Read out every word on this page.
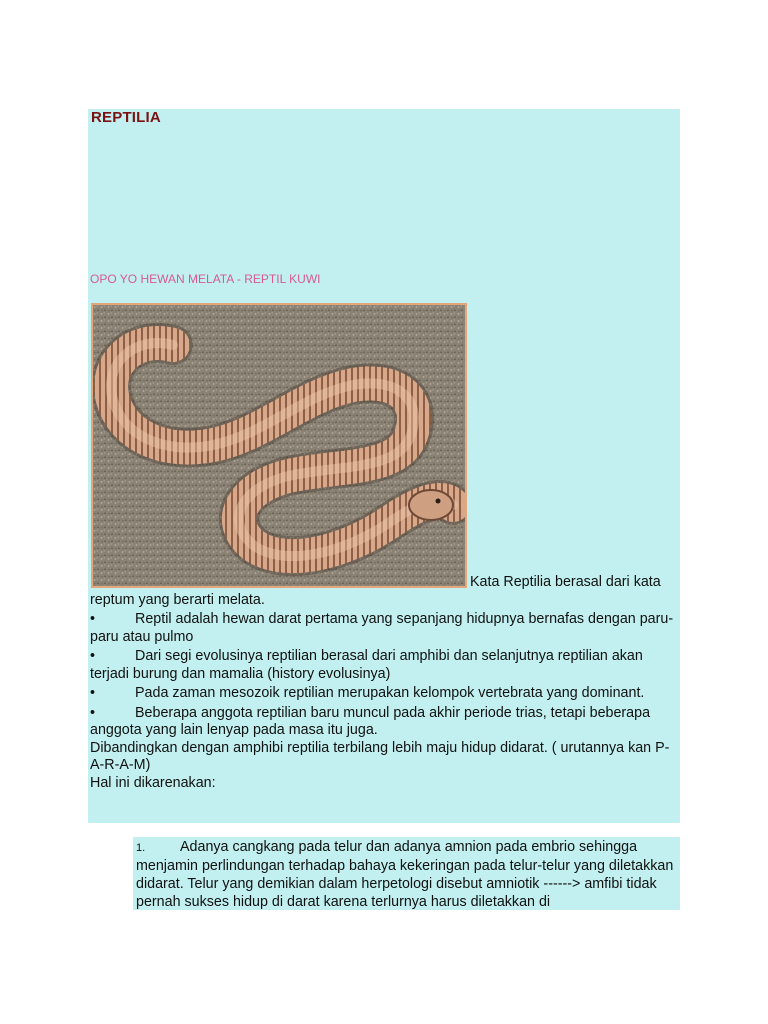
REPTILIA

OPO YO HEWAN MELATA - REPTIL KUWI

Kata Reptilia berasal dari kata reptum yang berarti melata.

•	Reptil adalah hewan darat pertama yang sepanjang hidupnya bernafas dengan paru-paru atau pulmo

•	Dari segi evolusinya reptilian berasal dari amphibi dan selanjutnya reptilian akan terjadi burung dan mamalia (history evolusinya)

•	Pada zaman mesozoik reptilian merupakan kelompok vertebrata yang dominant.

•	Beberapa anggota reptilian baru muncul pada akhir periode trias, tetapi beberapa anggota yang lain lenyap pada masa itu juga.

Dibandingkan dengan amphibi reptilia terbilang lebih maju hidup didarat. ( urutannya kan P-A-R-A-M)

Hal ini dikarenakan:

1. Adanya cangkang pada telur dan adanya amnion pada embrio sehingga menjamin perlindungan terhadap bahaya kekeringan pada telur-telur yang diletakkan didarat. Telur yang demikian dalam herpetologi disebut amniotik ------> amfibi tidak pernah sukses hidup di darat karena terlurnya harus diletakkan di
